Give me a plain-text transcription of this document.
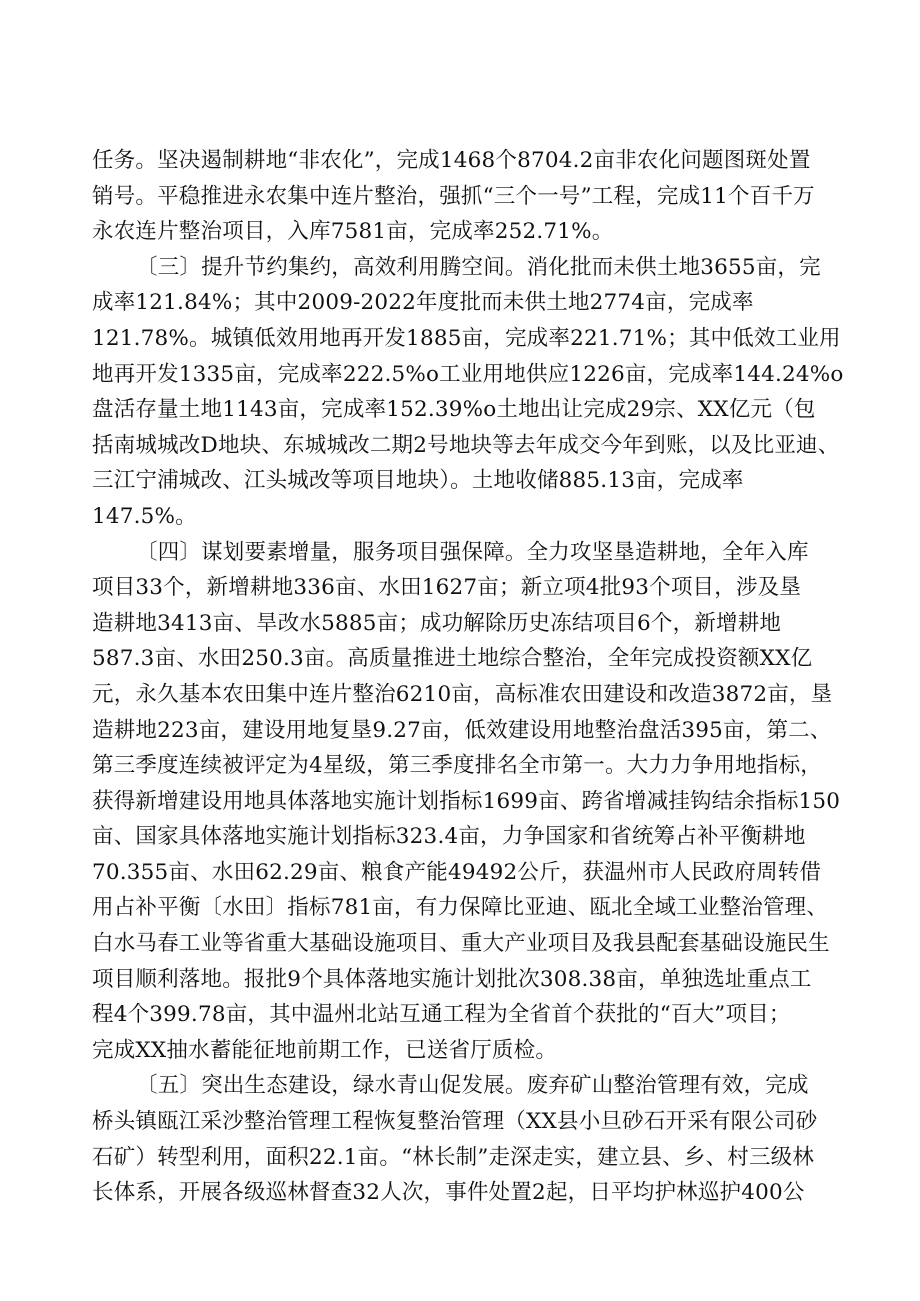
任务。坚决遏制耕地“非农化”，完成1468个8704.2亩非农化问题图斑处置
销号。平稳推进永农集中连片整治，强抓“三个一号”工程，完成11个百千万
永农连片整治项目，入库7581亩，完成率252.71%。
〔三〕提升节约集约，高效利用腾空间。消化批而未供土地3655亩，完
成率121.84%；其中2009-2022年度批而未供土地2774亩，完成率
121.78%。城镇低效用地再开发1885亩，完成率221.71%；其中低效工业用
地再开发1335亩，完成率222.5%o工业用地供应1226亩，完成率144.24%o
盘活存量土地1143亩，完成率152.39%o土地出让完成29宗、XX亿元（包
括南城城改D地块、东城城改二期2号地块等去年成交今年到账，以及比亚迪、
三江宁浦城改、江头城改等项目地块）。土地收储885.13亩，完成率
147.5%。
〔四〕谋划要素增量，服务项目强保障。全力攻坚垦造耕地，全年入库
项目33个，新增耕地336亩、水田1627亩；新立项4批93个项目，涉及垦
造耕地3413亩、旱改水5885亩；成功解除历史冻结项目6个，新增耕地
587.3亩、水田250.3亩。高质量推进土地综合整治，全年完成投资额XX亿
元，永久基本农田集中连片整治6210亩，高标准农田建设和改造3872亩，垦
造耕地223亩，建设用地复垦9.27亩，低效建设用地整治盘活395亩，第二、
第三季度连续被评定为4星级，第三季度排名全市第一。大力力争用地指标，
获得新增建设用地具体落地实施计划指标1699亩、跨省增减挂钩结余指标150
亩、国家具体落地实施计划指标323.4亩，力争国家和省统筹占补平衡耕地
70.355亩、水田62.29亩、粮食产能49492公斤，获温州市人民政府周转借
用占补平衡〔水田〕指标781亩，有力保障比亚迪、瓯北全域工业整治管理、
白水马春工业等省重大基础设施项目、重大产业项目及我县配套基础设施民生
项目顺利落地。报批9个具体落地实施计划批次308.38亩，单独选址重点工
程4个399.78亩，其中温州北站互通工程为全省首个获批的“百大”项目；
完成XX抽水蓄能征地前期工作，已送省厅质检。
〔五〕突出生态建设，绿水青山促发展。废弃矿山整治管理有效，完成
桥头镇瓯江采沙整治管理工程恢复整治管理（XX县小旦砂石开采有限公司砂
石矿）转型利用，面积22.1亩。“林长制”走深走实，建立县、乡、村三级林
长体系，开展各级巡林督查32人次，事件处置2起，日平均护林巡护400公
